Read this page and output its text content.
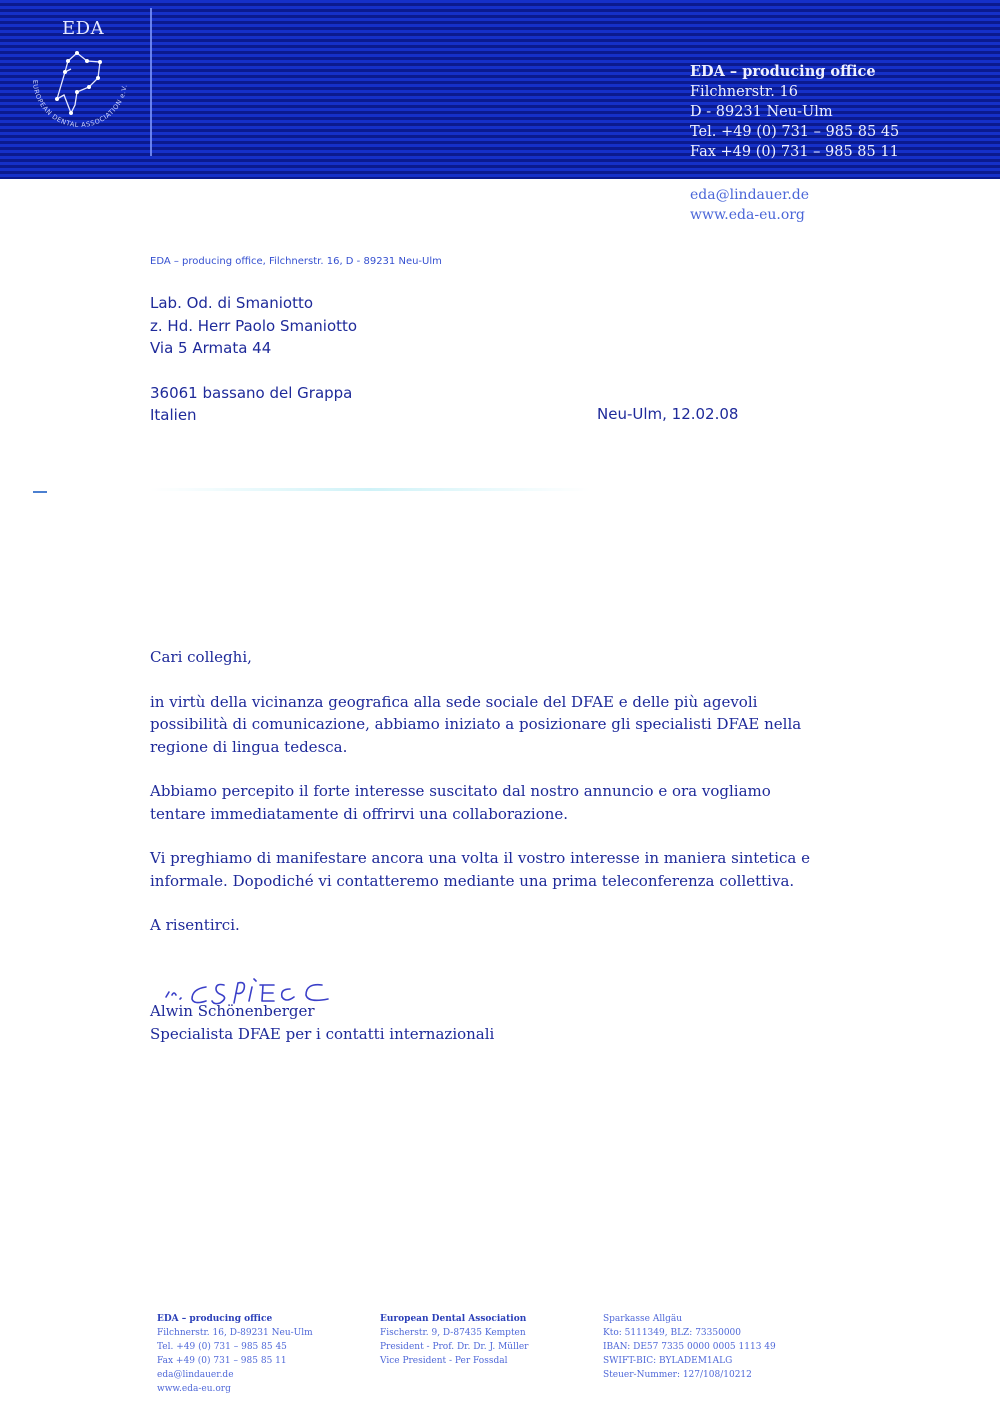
EDA
EUROPEAN DENTAL ASSOCIATION e.V.
EDA – producing office
Filchnerstr. 16
D - 89231 Neu-Ulm
Tel. +49 (0) 731 – 985 85 45
Fax +49 (0) 731 – 985 85 11
eda@lindauer.de
www.eda-eu.org
EDA – producing office, Filchnerstr. 16, D - 89231 Neu-Ulm
Lab. Od. di Smaniotto
z. Hd. Herr Paolo Smaniotto
Via 5 Armata 44
36061 bassano del Grappa
Italien	Neu-Ulm, 12.02.08

Cari colleghi,

in virtù della vicinanza geografica alla sede sociale del DFAE e delle più agevoli possibilità di comunicazione, abbiamo iniziato a posizionare gli specialisti DFAE nella regione di lingua tedesca.

Abbiamo percepito il forte interesse suscitato dal nostro annuncio e ora vogliamo tentare immediatamente di offrirvi una collaborazione.

Vi preghiamo di manifestare ancora una volta il vostro interesse in maniera sintetica e informale. Dopodiché vi contatteremo mediante una prima teleconferenza collettiva.

A risentirci.

Alwin Schönenberger
Specialista DFAE per i contatti internazionali
EDA – producing office
Filchnerstr. 16, D-89231 Neu-Ulm
Tel. +49 (0) 731 – 985 85 45
Fax +49 (0) 731 – 985 85 11
eda@lindauer.de
www.eda-eu.org
European Dental Association
Fischerstr. 9, D-87435 Kempten
President - Prof. Dr. Dr. J. Müller
Vice President - Per Fossdal
Sparkasse Allgäu
Kto: 5111349, BLZ: 73350000
IBAN: DE57 7335 0000 0005 1113 49
SWIFT-BIC: BYLADEM1ALG
Steuer-Nummer: 127/108/10212
